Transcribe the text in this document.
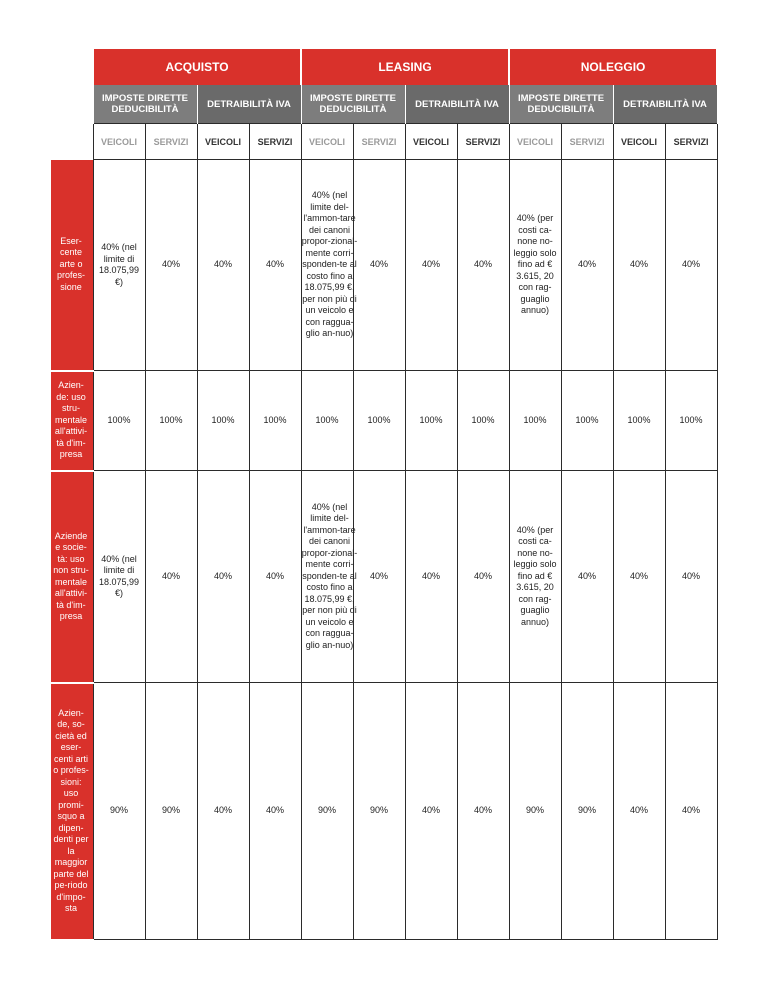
	ACQUISTO				LEASING				NOLEGGIO			
	IMPOSTE DIRETTE DEDUCIBILITÀ		DETRAIBILITÀ IVA		IMPOSTE DIRETTE DEDUCIBILITÀ		DETRAIBILITÀ IVA		IMPOSTE DIRETTE DEDUCIBILITÀ		DETRAIBILITÀ IVA	
	VEICOLI	SERVIZI	VEICOLI	SERVIZI	VEICOLI	SERVIZI	VEICOLI	SERVIZI	VEICOLI	SERVIZI	VEICOLI	SERVIZI

Eser-cente arte o profes-sione	40% (nel limite di 18.075,99 €)	40%	40%	40%	40% (nel limite del-l'ammon-tare dei canoni propor-zional-mente corri-sponden-te al costo fino a 18.075,99 €, per non più di un veicolo e con raggua-glio an-nuo)	40%	40%	40%	40% (per costi ca-none no-leggio solo fino ad € 3.615, 20 con rag-guaglio annuo)	40%	40%	40%

Azien-de: uso stru-mentale all'attivi-tà d'im-presa	100%	100%	100%	100%	100%	100%	100%	100%	100%	100%	100%	100%

Aziende e socie-tà: uso non stru-mentale all'attivi-tà d'im-presa	40% (nel limite di 18.075,99 €)	40%	40%	40%	40% (nel limite del-l'ammon-tare dei canoni propor-zional-mente corri-sponden-te al costo fino a 18.075,99 €, per non più di un veicolo e con raggua-glio an-nuo)	40%	40%	40%	40% (per costi ca-none no-leggio solo fino ad € 3.615, 20 con rag-guaglio annuo)	40%	40%	40%

Azien-de, so-cietà ed eser-centi arti o profes-sioni: uso promi-squo a dipen-denti per la maggior parte del pe-riodo d'impo-sta	90%	90%	40%	40%	90%	90%	40%	40%	90%	90%	40%	40%
